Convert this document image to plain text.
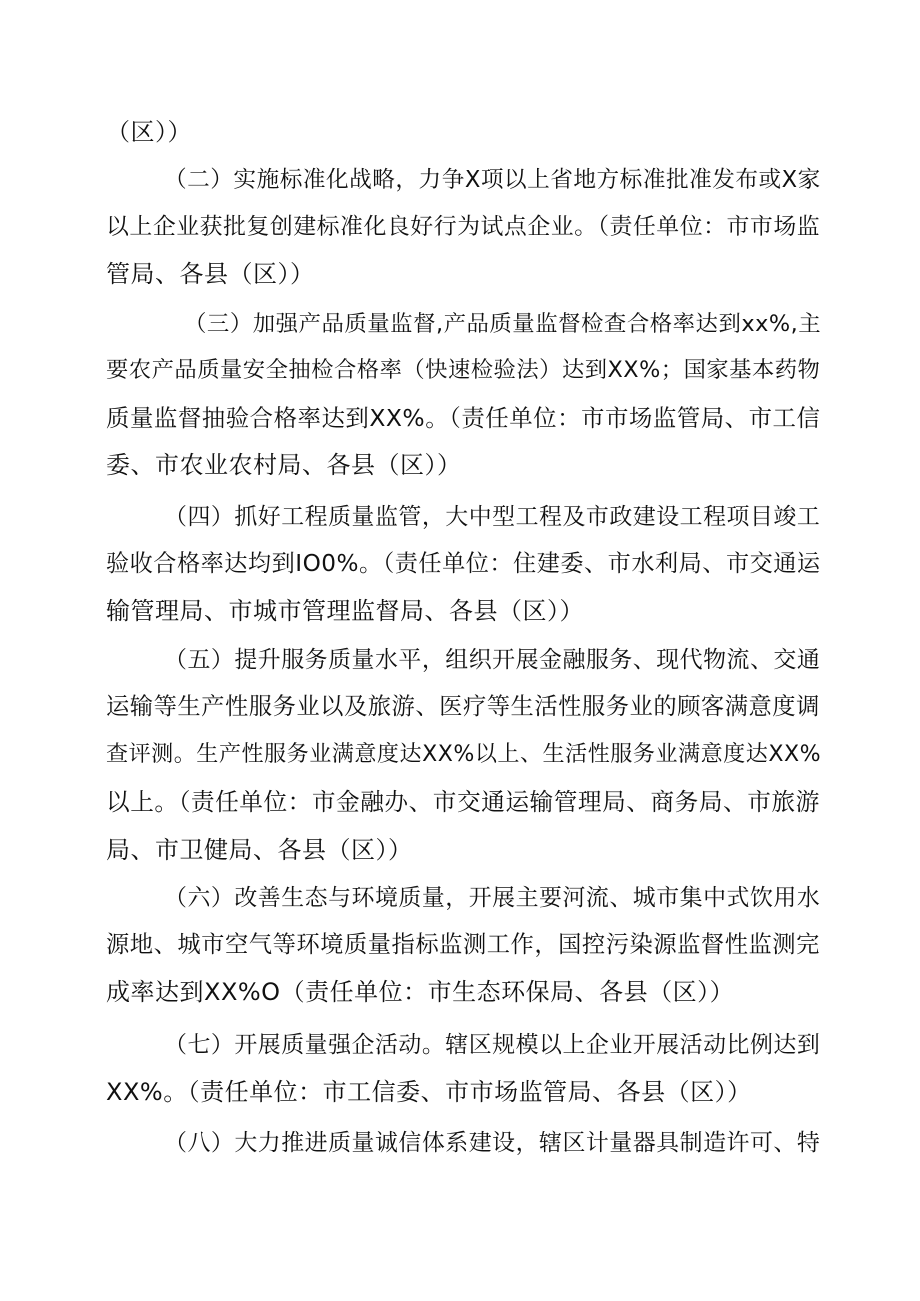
（区））
（二）实施标准化战略，力争X项以上省地方标准批准发布或X家
以上企业获批复创建标准化良好行为试点企业。（责任单位：市市场监
管局、各县（区））
（三）加强产品质量监督,产品质量监督检查合格率达到xx%,主
要农产品质量安全抽检合格率（快速检验法）达到XX%；国家基本药物
质量监督抽验合格率达到XX%。（责任单位：市市场监管局、市工信
委、市农业农村局、各县（区））
（四）抓好工程质量监管，大中型工程及市政建设工程项目竣工
验收合格率达均到IO0%。（责任单位：住建委、市水利局、市交通运
输管理局、市城市管理监督局、各县（区））
（五）提升服务质量水平，组织开展金融服务、现代物流、交通
运输等生产性服务业以及旅游、医疗等生活性服务业的顾客满意度调
查评测。生产性服务业满意度达XX%以上、生活性服务业满意度达XX%
以上。（责任单位：市金融办、市交通运输管理局、商务局、市旅游
局、市卫健局、各县（区））
（六）改善生态与环境质量，开展主要河流、城市集中式饮用水
源地、城市空气等环境质量指标监测工作，国控污染源监督性监测完
成率达到XX%O（责任单位：市生态环保局、各县（区））
（七）开展质量强企活动。辖区规模以上企业开展活动比例达到
XX%。（责任单位：市工信委、市市场监管局、各县（区））
（八）大力推进质量诚信体系建设，辖区计量器具制造许可、特
